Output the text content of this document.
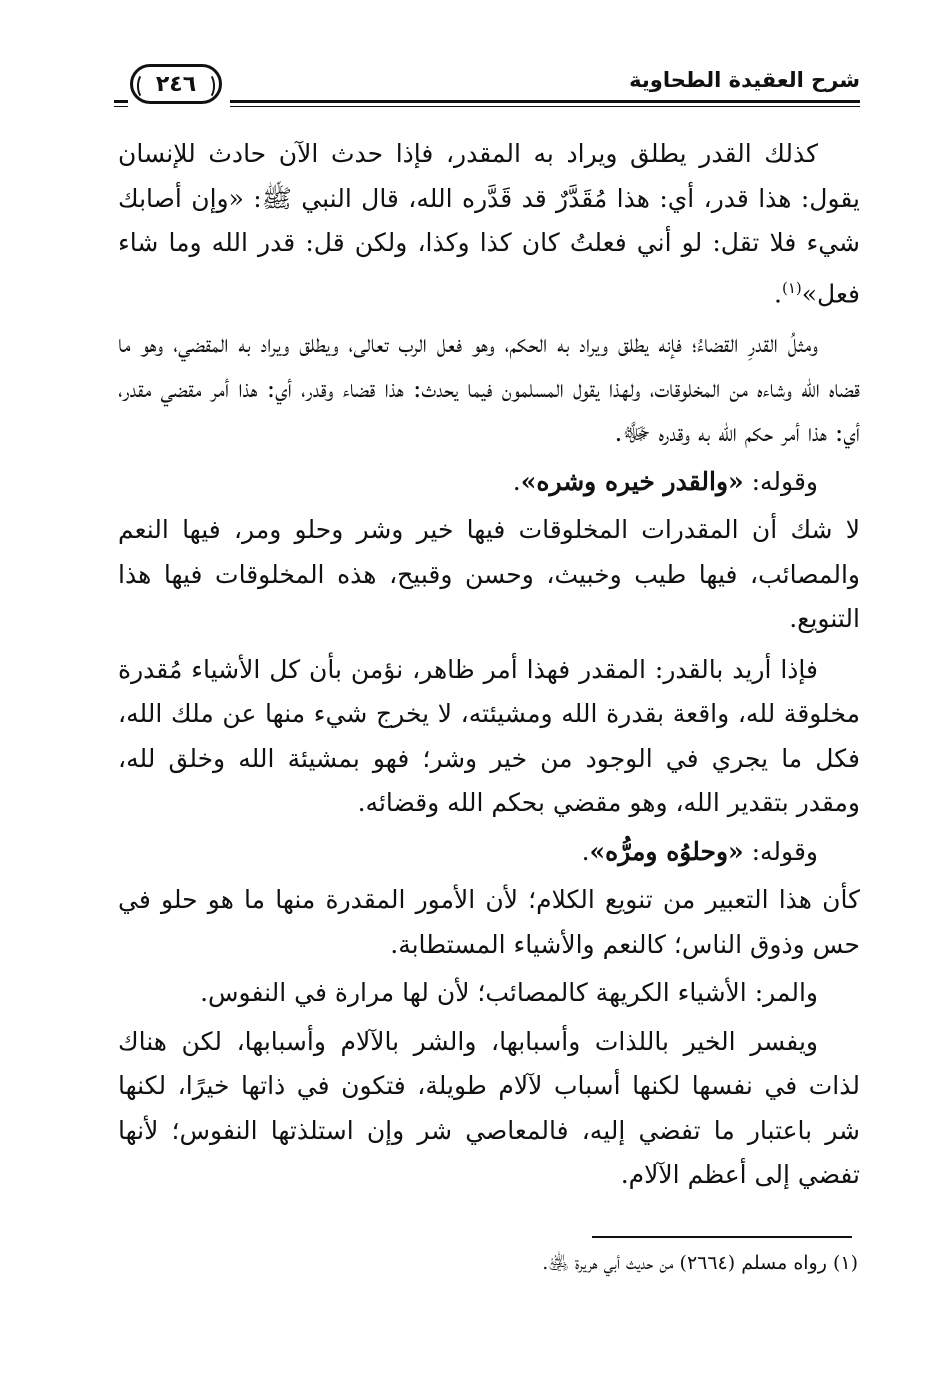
شرح العقيدة الطحاوية
٢٤٦

كذلك القدر يطلق ويراد به المقدر، فإذا حدث الآن حادث للإنسان يقول: هذا قدر، أي: هذا مُقَدَّرٌ قد قَدَّره الله، قال النبي ﷺ: «وإن أصابك شيء فلا تقل: لو أني فعلتُ كان كذا وكذا، ولكن قل: قدر الله وما شاء فعل»$^{(١)}$.

ومثلُ القدرِ القضاءُ؛ فإنه يطلق ويراد به الحكم، وهو فعل الرب تعالى، ويطلق ويراد به المقضي، وهو ما قضاه الله وشاءه من المخلوقات، ولهذا يقول المسلمون فيما يحدث: هذا قضاء وقدر، أي: هذا أمر مقضي مقدر، أي: هذا أمر حكم الله به وقدره ﷻ.

وقوله: «والقدر خيره وشره».

لا شك أن المقدرات المخلوقات فيها خير وشر وحلو ومر، فيها النعم والمصائب، فيها طيب وخبيث، وحسن وقبيح، هذه المخلوقات فيها هذا التنويع.

فإذا أريد بالقدر: المقدر فهذا أمر ظاهر، نؤمن بأن كل الأشياء مُقدرة مخلوقة لله، واقعة بقدرة الله ومشيئته، لا يخرج شيء منها عن ملك الله، فكل ما يجري في الوجود من خير وشر؛ فهو بمشيئة الله وخلق لله، ومقدر بتقدير الله، وهو مقضي بحكم الله وقضائه.

وقوله: «وحلوُه ومرُّه».

كأن هذا التعبير من تنويع الكلام؛ لأن الأمور المقدرة منها ما هو حلو في حس وذوق الناس؛ كالنعم والأشياء المستطابة.

والمر: الأشياء الكريهة كالمصائب؛ لأن لها مرارة في النفوس.

ويفسر الخير باللذات وأسبابها، والشر بالآلام وأسبابها، لكن هناك لذات في نفسها لكنها أسباب لآلام طويلة، فتكون في ذاتها خيرًا، لكنها شر باعتبار ما تفضي إليه، فالمعاصي شر وإن استلذتها النفوس؛ لأنها تفضي إلى أعظم الآلام.

(١) رواه مسلم (٢٦٦٤) من حديث أبي هريرة ﵁.
